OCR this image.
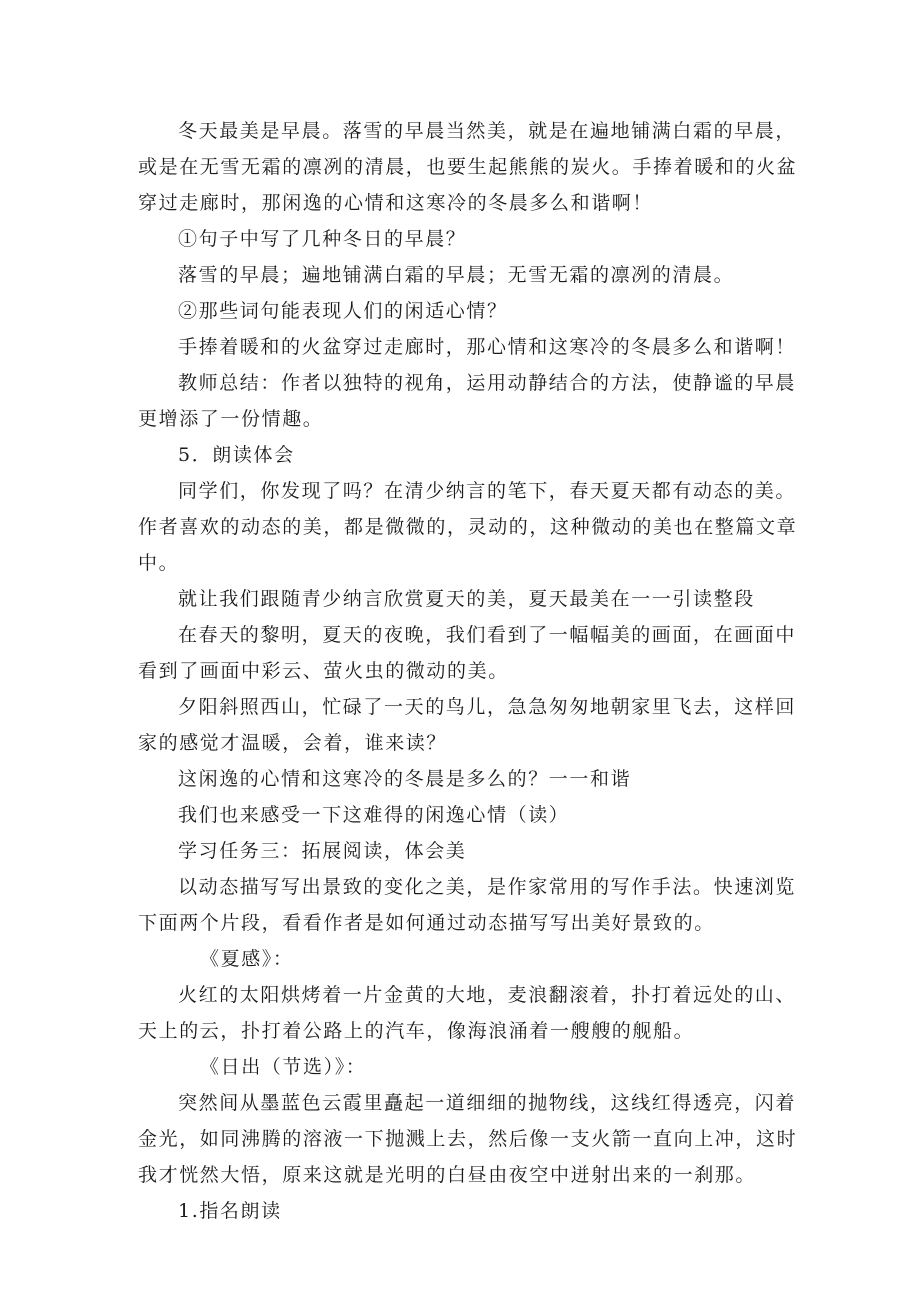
冬天最美是早晨。落雪的早晨当然美，就是在遍地铺满白霜的早晨，
或是在无雪无霜的凛冽的清晨，也要生起熊熊的炭火。手捧着暖和的火盆
穿过走廊时，那闲逸的心情和这寒冷的冬晨多么和谐啊！
①句子中写了几种冬日的早晨？
落雪的早晨；遍地铺满白霜的早晨；无雪无霜的凛冽的清晨。
②那些词句能表现人们的闲适心情？
手捧着暖和的火盆穿过走廊时，那心情和这寒冷的冬晨多么和谐啊！
教师总结：作者以独特的视角，运用动静结合的方法，使静谧的早晨
更增添了一份情趣。
5．朗读体会
同学们，你发现了吗？在清少纳言的笔下，春天夏天都有动态的美。
作者喜欢的动态的美，都是微微的，灵动的，这种微动的美也在整篇文章
中。
就让我们跟随青少纳言欣赏夏天的美，夏天最美在一一引读整段
在春天的黎明，夏天的夜晚，我们看到了一幅幅美的画面，在画面中
看到了画面中彩云、萤火虫的微动的美。
夕阳斜照西山，忙碌了一天的鸟儿，急急匆匆地朝家里飞去，这样回
家的感觉才温暖，会着，谁来读？
这闲逸的心情和这寒冷的冬晨是多么的？一一和谐
我们也来感受一下这难得的闲逸心情（读）
学习任务三：拓展阅读，体会美
以动态描写写出景致的变化之美，是作家常用的写作手法。快速浏览
下面两个片段，看看作者是如何通过动态描写写出美好景致的。
《夏感》：
火红的太阳烘烤着一片金黄的大地，麦浪翻滚着，扑打着远处的山、
天上的云，扑打着公路上的汽车，像海浪涌着一艘艘的舰船。
《日出（节选）》：
突然间从墨蓝色云霞里矗起一道细细的抛物线，这线红得透亮，闪着
金光，如同沸腾的溶液一下抛溅上去，然后像一支火箭一直向上冲，这时
我才恍然大悟，原来这就是光明的白昼由夜空中迸射出来的一刹那。
1.指名朗读
